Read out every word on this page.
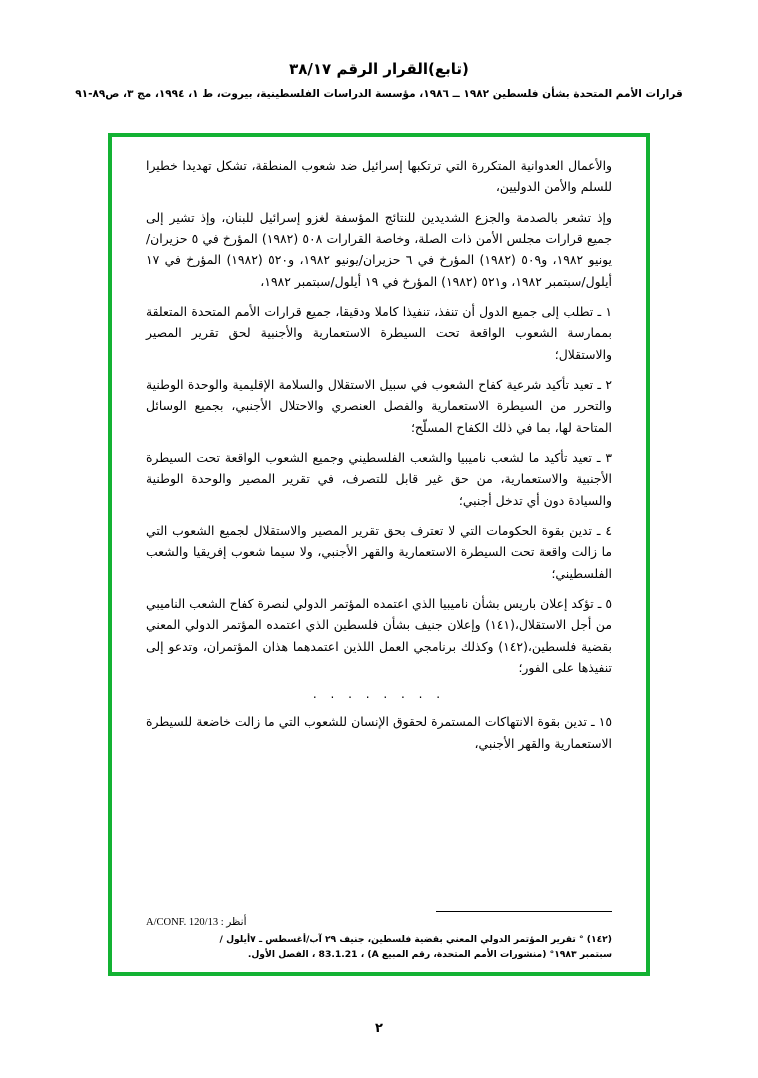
(تابع)القرار الرقم ٣٨/١٧
قرارات الأمم المتحدة بشأن فلسطين ١٩٨٢ ــ ١٩٨٦، مؤسسة الدراسات الفلسطينية، بيروت، ط ١، ١٩٩٤، مج ٣، ص٨٩-٩١

والأعمال العدوانية المتكررة التي ترتكبها إسرائيل ضد شعوب المنطقة، تشكل تهديدا خطيرا للسلم والأمن الدوليين،

وإذ تشعر بالصدمة والجزع الشديدين للنتائج المؤسفة لغزو إسرائيل للبنان، وإذ تشير إلى جميع قرارات مجلس الأمن ذات الصلة، وخاصة القرارات ٥٠٨ (١٩٨٢) المؤرخ في ٥ حزيران/ يونيو ١٩٨٢، و٥٠٩ (١٩٨٢) المؤرخ في ٦ حزيران/يونيو ١٩٨٢، و٥٢٠ (١٩٨٢) المؤرخ في ١٧ أيلول/سبتمبر ١٩٨٢، و٥٢١ (١٩٨٢) المؤرخ في ١٩ أيلول/سبتمبر ١٩٨٢،

١ ـ تطلب إلى جميع الدول أن تنفذ، تنفيذا كاملا ودقيقا، جميع قرارات الأمم المتحدة المتعلقة بممارسة الشعوب الواقعة تحت السيطرة الاستعمارية والأجنبية لحق تقرير المصير والاستقلال؛

٢ ـ تعيد تأكيد شرعية كفاح الشعوب في سبيل الاستقلال والسلامة الإقليمية والوحدة الوطنية والتحرر من السيطرة الاستعمارية والفصل العنصري والاحتلال الأجنبي، بجميع الوسائل المتاحة لها، بما في ذلك الكفاح المسلّح؛

٣ ـ تعيد تأكيد ما لشعب ناميبيا والشعب الفلسطيني وجميع الشعوب الواقعة تحت السيطرة الأجنبية والاستعمارية، من حق غير قابل للتصرف، في تقرير المصير والوحدة الوطنية والسيادة دون أي تدخل أجنبي؛

٤ ـ تدين بقوة الحكومات التي لا تعترف بحق تقرير المصير والاستقلال لجميع الشعوب التي ما زالت واقعة تحت السيطرة الاستعمارية والقهر الأجنبي، ولا سيما شعوب إفريقيا والشعب الفلسطيني؛

٥ ـ تؤكد إعلان باريس بشأن ناميبيا الذي اعتمده المؤتمر الدولي لنصرة كفاح الشعب الناميبي من أجل الاستقلال،(١٤١) وإعلان جنيف بشأن فلسطين الذي اعتمده المؤتمر الدولي المعني بقضية فلسطين،(١٤٢) وكذلك برنامجي العمل اللذين اعتمدهما هذان المؤتمران، وتدعو إلى تنفيذها على الفور؛

. . . . . . . .

١٥ ـ تدين بقوة الانتهاكات المستمرة لحقوق الإنسان للشعوب التي ما زالت خاضعة للسيطرة الاستعمارية والقهر الأجنبي،

A/CONF. 120/13 : أنظر
(١٤٢) ° تقرير المؤتمر الدولي المعني بقضية فلسطين، جنيف ٢٩ آب/أغسطس ـ ٧أيلول /
سبتمبر ١٩٨٣° (منشورات الأمم المتحدة، رقم المبيع A) ، 83.1.21 ، الفصل الأول.
٢
